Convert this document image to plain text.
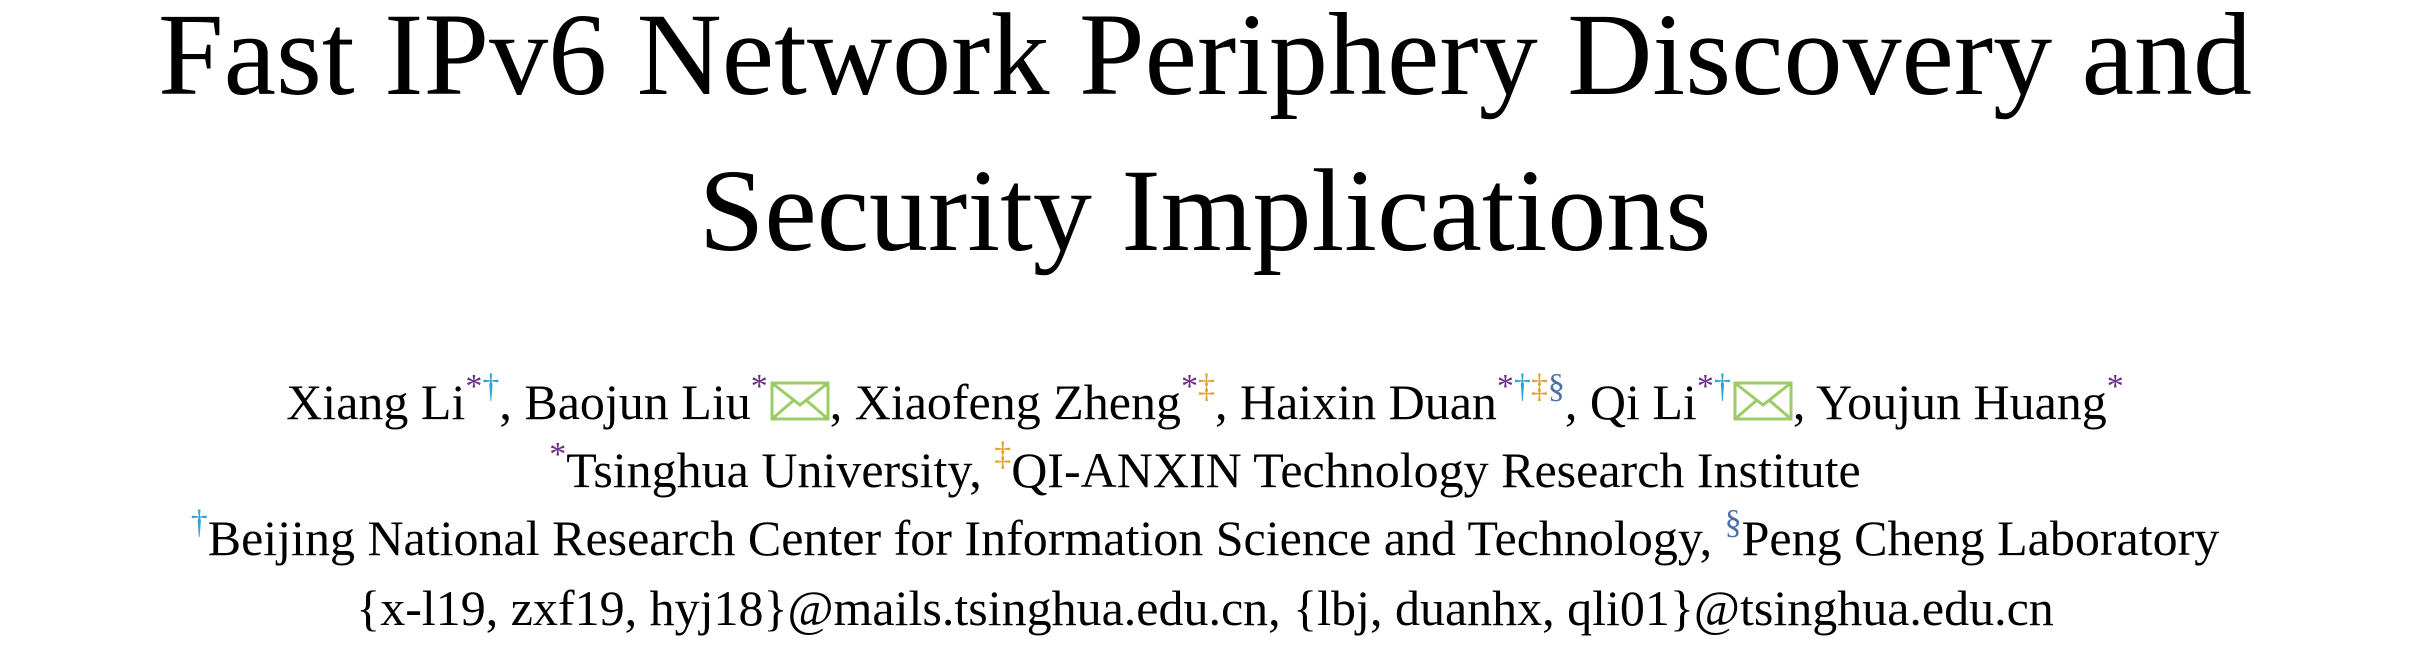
Fast IPv6 Network Periphery Discovery and
Security Implications
Xiang Li*†, Baojun Liu* , Xiaofeng Zheng*‡, Haixin Duan*†‡§, Qi Li*† , Youjun Huang*
*Tsinghua University, ‡QI-ANXIN Technology Research Institute
†Beijing National Research Center for Information Science and Technology, §Peng Cheng Laboratory
{x-l19, zxf19, hyj18}@mails.tsinghua.edu.cn, {lbj, duanhx, qli01}@tsinghua.edu.cn
